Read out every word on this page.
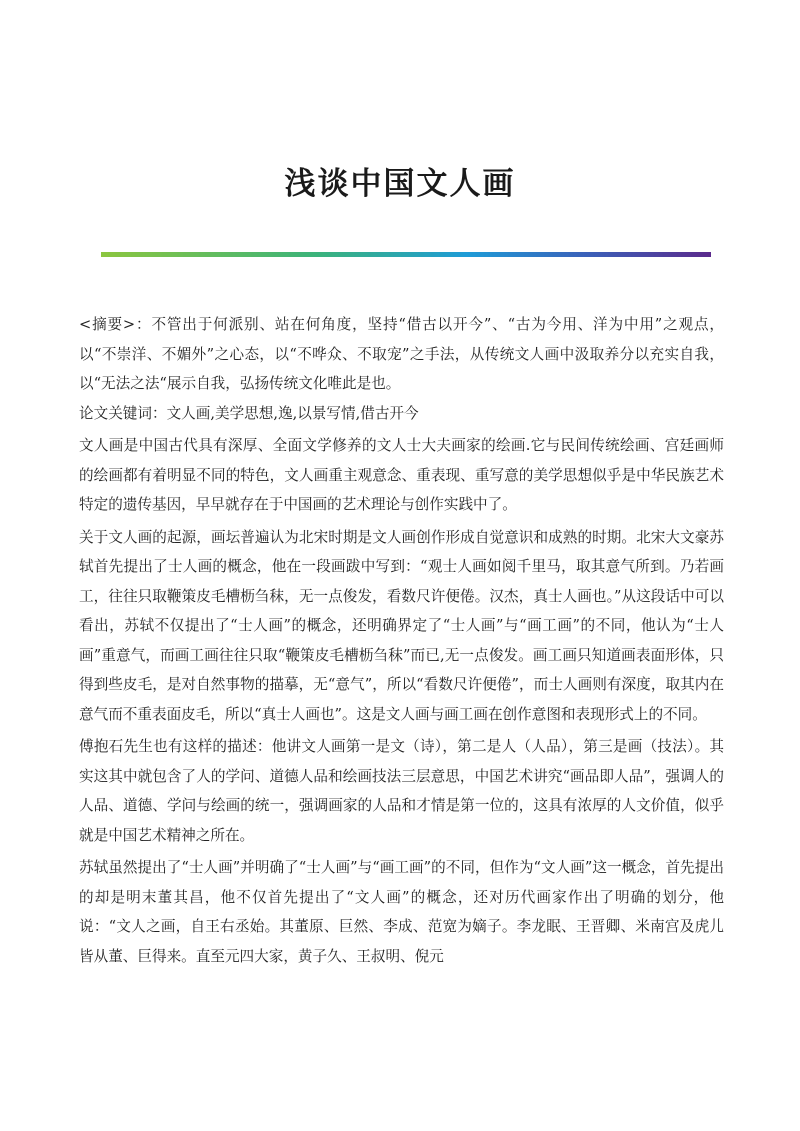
浅谈中国文人画

<摘要>：不管出于何派别、站在何角度，坚持“借古以开今”、“古为今用、洋为中用”之观点，以“不崇洋、不媚外”之心态，以“不哗众、不取宠”之手法，从传统文人画中汲取养分以充实自我，以“无法之法“展示自我，弘扬传统文化唯此是也。

论文关键词：文人画,美学思想,逸,以景写情,借古开今

文人画是中国古代具有深厚、全面文学修养的文人士大夫画家的绘画.它与民间传统绘画、宫廷画师的绘画都有着明显不同的特色，文人画重主观意念、重表现、重写意的美学思想似乎是中华民族艺术特定的遗传基因，早早就存在于中国画的艺术理论与创作实践中了。

关于文人画的起源，画坛普遍认为北宋时期是文人画创作形成自觉意识和成熟的时期。北宋大文豪苏轼首先提出了士人画的概念，他在一段画跋中写到：“观士人画如阅千里马，取其意气所到。乃若画工，往往只取鞭策皮毛槽枥刍秣，无一点俊发，看数尺许便倦。汉杰，真士人画也。”从这段话中可以看出，苏轼不仅提出了“士人画”的概念，还明确界定了“士人画”与“画工画”的不同，他认为“士人画”重意气，而画工画往往只取“鞭策皮毛槽枥刍秣”而已,无一点俊发。画工画只知道画表面形体，只得到些皮毛，是对自然事物的描摹，无“意气”，所以“看数尺许便倦”，而士人画则有深度，取其内在意气而不重表面皮毛，所以“真士人画也”。这是文人画与画工画在创作意图和表现形式上的不同。

傅抱石先生也有这样的描述：他讲文人画第一是文（诗），第二是人（人品），第三是画（技法）。其实这其中就包含了人的学问、道德人品和绘画技法三层意思，中国艺术讲究“画品即人品”，强调人的人品、道德、学问与绘画的统一，强调画家的人品和才情是第一位的，这具有浓厚的人文价值，似乎就是中国艺术精神之所在。

苏轼虽然提出了“士人画”并明确了“士人画”与“画工画”的不同，但作为“文人画”这一概念，首先提出的却是明末董其昌，他不仅首先提出了“文人画”的概念，还对历代画家作出了明确的划分，他说：“文人之画，自王右丞始。其董原、巨然、李成、范宽为嫡子。李龙眠、王晋卿、米南宫及虎儿皆从董、巨得来。直至元四大家，黄子久、王叔明、倪元
